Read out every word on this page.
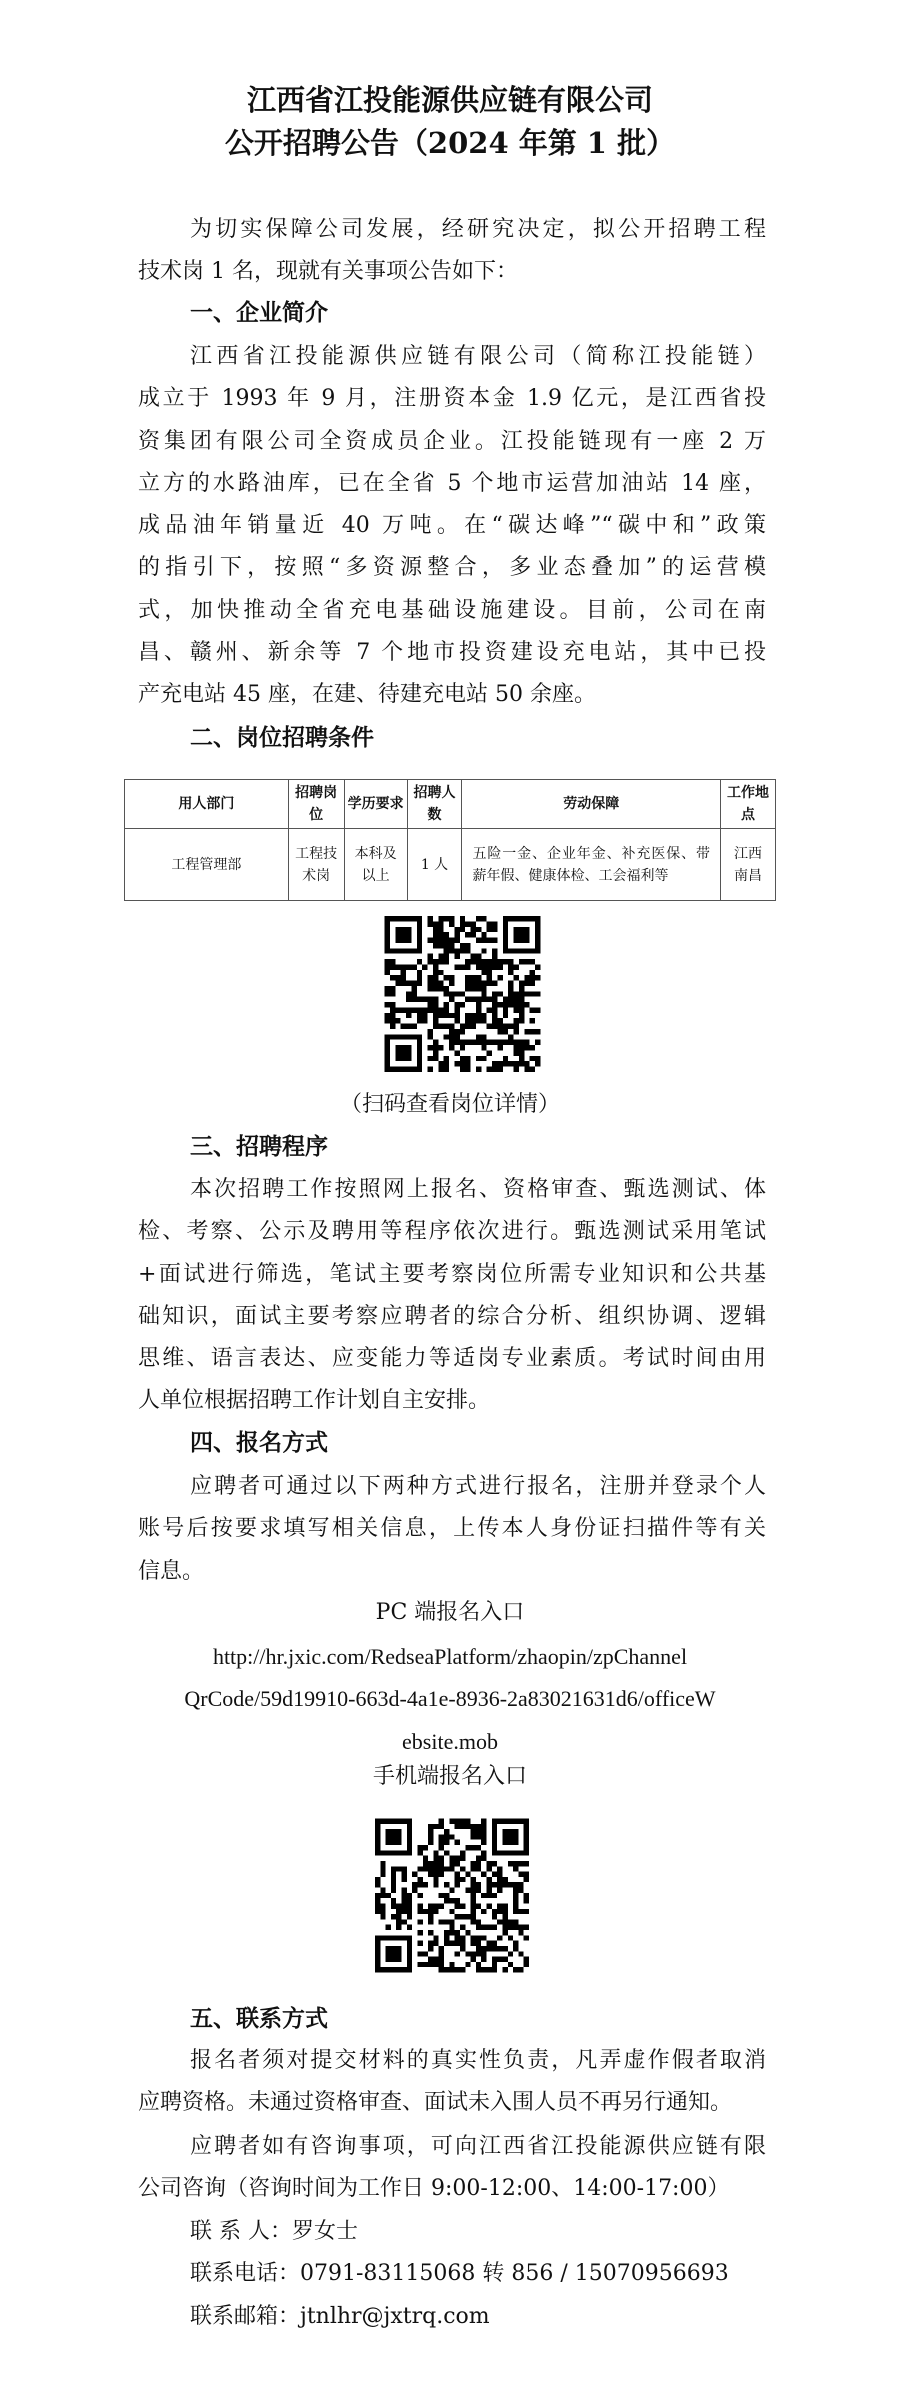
江西省江投能源供应链有限公司
公开招聘公告（2024 年第 1 批）
为切实保障公司发展，经研究决定，拟公开招聘工程
技术岗 1 名，现就有关事项公告如下：
一、企业简介
江西省江投能源供应链有限公司（简称江投能链）
成立于 1993 年 9 月，注册资本金 1.9 亿元，是江西省投
资集团有限公司全资成员企业。江投能链现有一座 2 万
立方的水路油库，已在全省 5 个地市运营加油站 14 座，
成品油年销量近 40 万吨。在“碳达峰”“碳中和”政策
的指引下，按照“多资源整合，多业态叠加”的运营模
式，加快推动全省充电基础设施建设。目前，公司在南
昌、赣州、新余等 7 个地市投资建设充电站，其中已投
产充电站 45 座，在建、待建充电站 50 余座。
二、岗位招聘条件
用人部门	招聘岗位	学历要求	招聘人数	劳动保障	工作地点
工程管理部	工程技术岗	本科及以上	1 人	五险一金、企业年金、补充医保、带薪年假、健康体检、工会福利等	江西南昌
（扫码查看岗位详情）
三、招聘程序
本次招聘工作按照网上报名、资格审查、甄选测试、体
检、考察、公示及聘用等程序依次进行。甄选测试采用笔试
+面试进行筛选，笔试主要考察岗位所需专业知识和公共基
础知识，面试主要考察应聘者的综合分析、组织协调、逻辑
思维、语言表达、应变能力等适岗专业素质。考试时间由用
人单位根据招聘工作计划自主安排。
四、报名方式
应聘者可通过以下两种方式进行报名，注册并登录个人
账号后按要求填写相关信息，上传本人身份证扫描件等有关
信息。
PC 端报名入口
http://hr.jxic.com/RedseaPlatform/zhaopin/zpChannel
QrCode/59d19910-663d-4a1e-8936-2a83021631d6/officeW
ebsite.mob
手机端报名入口
五、联系方式
报名者须对提交材料的真实性负责，凡弄虚作假者取消
应聘资格。未通过资格审查、面试未入围人员不再另行通知。
应聘者如有咨询事项，可向江西省江投能源供应链有限
公司咨询（咨询时间为工作日 9:00-12:00、14:00-17:00）
联 系 人：罗女士
联系电话：0791-83115068 转 856 / 15070956693
联系邮箱：jtnlhr@jxtrq.com
